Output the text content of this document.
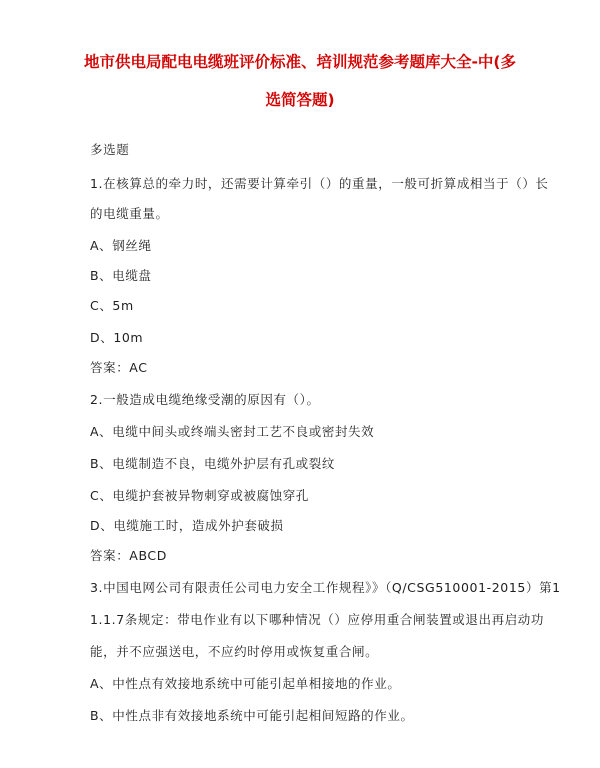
地市供电局配电电缆班评价标准、培训规范参考题库大全-中(多
选简答题)
多选题
1.在核算总的牵力时，还需要计算牵引（）的重量，一般可折算成相当于（）长
的电缆重量。
A、钢丝绳
B、电缆盘
C、5m
D、10m
答案：AC
2.一般造成电缆绝缘受潮的原因有（）。
A、电缆中间头或终端头密封工艺不良或密封失效
B、电缆制造不良，电缆外护层有孔或裂纹
C、电缆护套被异物刺穿或被腐蚀穿孔
D、电缆施工时，造成外护套破损
答案：ABCD
3.中国电网公司有限责任公司电力安全工作规程》》（Q/CSG510001-2015）第1
1.1.7条规定：带电作业有以下哪种情况（）应停用重合闸装置或退出再启动功
能，并不应强送电，不应约时停用或恢复重合闸。
A、中性点有效接地系统中可能引起单相接地的作业。
B、中性点非有效接地系统中可能引起相间短路的作业。
